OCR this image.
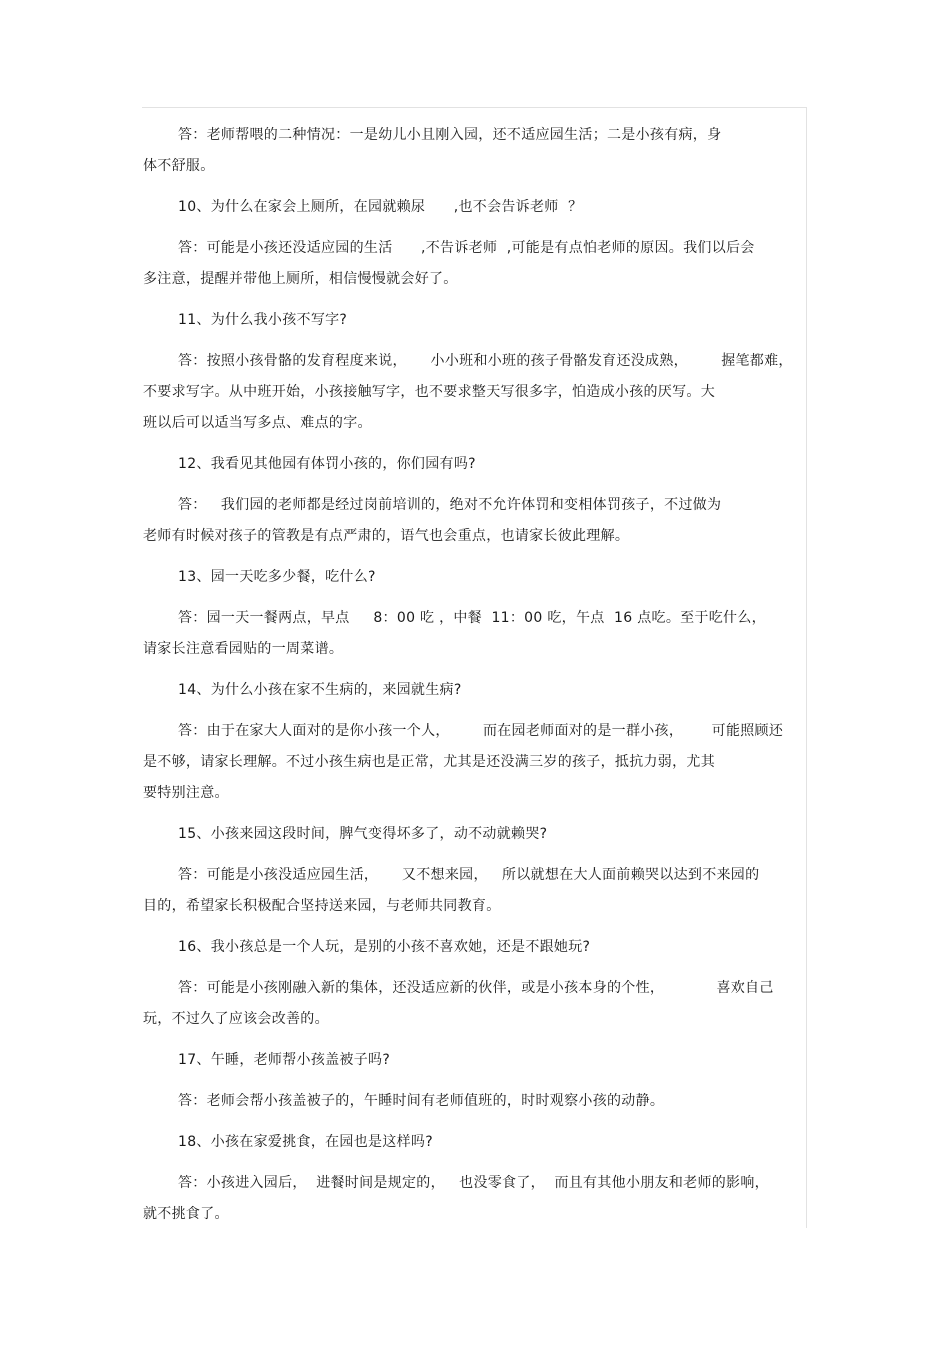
答：老师帮喂的二种情况：一是幼儿小且刚入园，还不适应园生活；二是小孩有病，身
体不舒服。
10、为什么在家会上厕所，在园就赖尿      ,也不会告诉老师  ？
答：可能是小孩还没适应园的生活      ,不告诉老师  ,可能是有点怕老师的原因。我们以后会
多注意，提醒并带他上厕所，相信慢慢就会好了。
11、为什么我小孩不写字?
答：按照小孩骨骼的发育程度来说，     小小班和小班的孩子骨骼发育还没成熟，       握笔都难，
不要求写字。从中班开始，小孩接触写字，也不要求整天写很多字，怕造成小孩的厌写。大
班以后可以适当写多点、难点的字。
12、我看见其他园有体罚小孩的，你们园有吗?
答：   我们园的老师都是经过岗前培训的，绝对不允许体罚和变相体罚孩子，不过做为
老师有时候对孩子的管教是有点严肃的，语气也会重点，也请家长彼此理解。
13、园一天吃多少餐，吃什么?
答：园一天一餐两点，早点     8：00 吃 ，中餐  11：00 吃，午点  16 点吃。至于吃什么，
请家长注意看园贴的一周菜谱。
14、为什么小孩在家不生病的，来园就生病?
答：由于在家大人面对的是你小孩一个人，       而在园老师面对的是一群小孩，      可能照顾还
是不够，请家长理解。不过小孩生病也是正常，尤其是还没满三岁的孩子，抵抗力弱，尤其
要特别注意。
15、小孩来园这段时间，脾气变得坏多了，动不动就赖哭?
答：可能是小孩没适应园生活，     又不想来园，   所以就想在大人面前赖哭以达到不来园的
目的，希望家长积极配合坚持送来园，与老师共同教育。
16、我小孩总是一个人玩，是别的小孩不喜欢她，还是不跟她玩?
答：可能是小孩刚融入新的集体，还没适应新的伙伴，或是小孩本身的个性，           喜欢自己
玩，不过久了应该会改善的。
17、午睡，老师帮小孩盖被子吗?
答：老师会帮小孩盖被子的，午睡时间有老师值班的，时时观察小孩的动静。
18、小孩在家爱挑食，在园也是这样吗?
答：小孩进入园后，  进餐时间是规定的，   也没零食了，  而且有其他小朋友和老师的影响，
就不挑食了。
